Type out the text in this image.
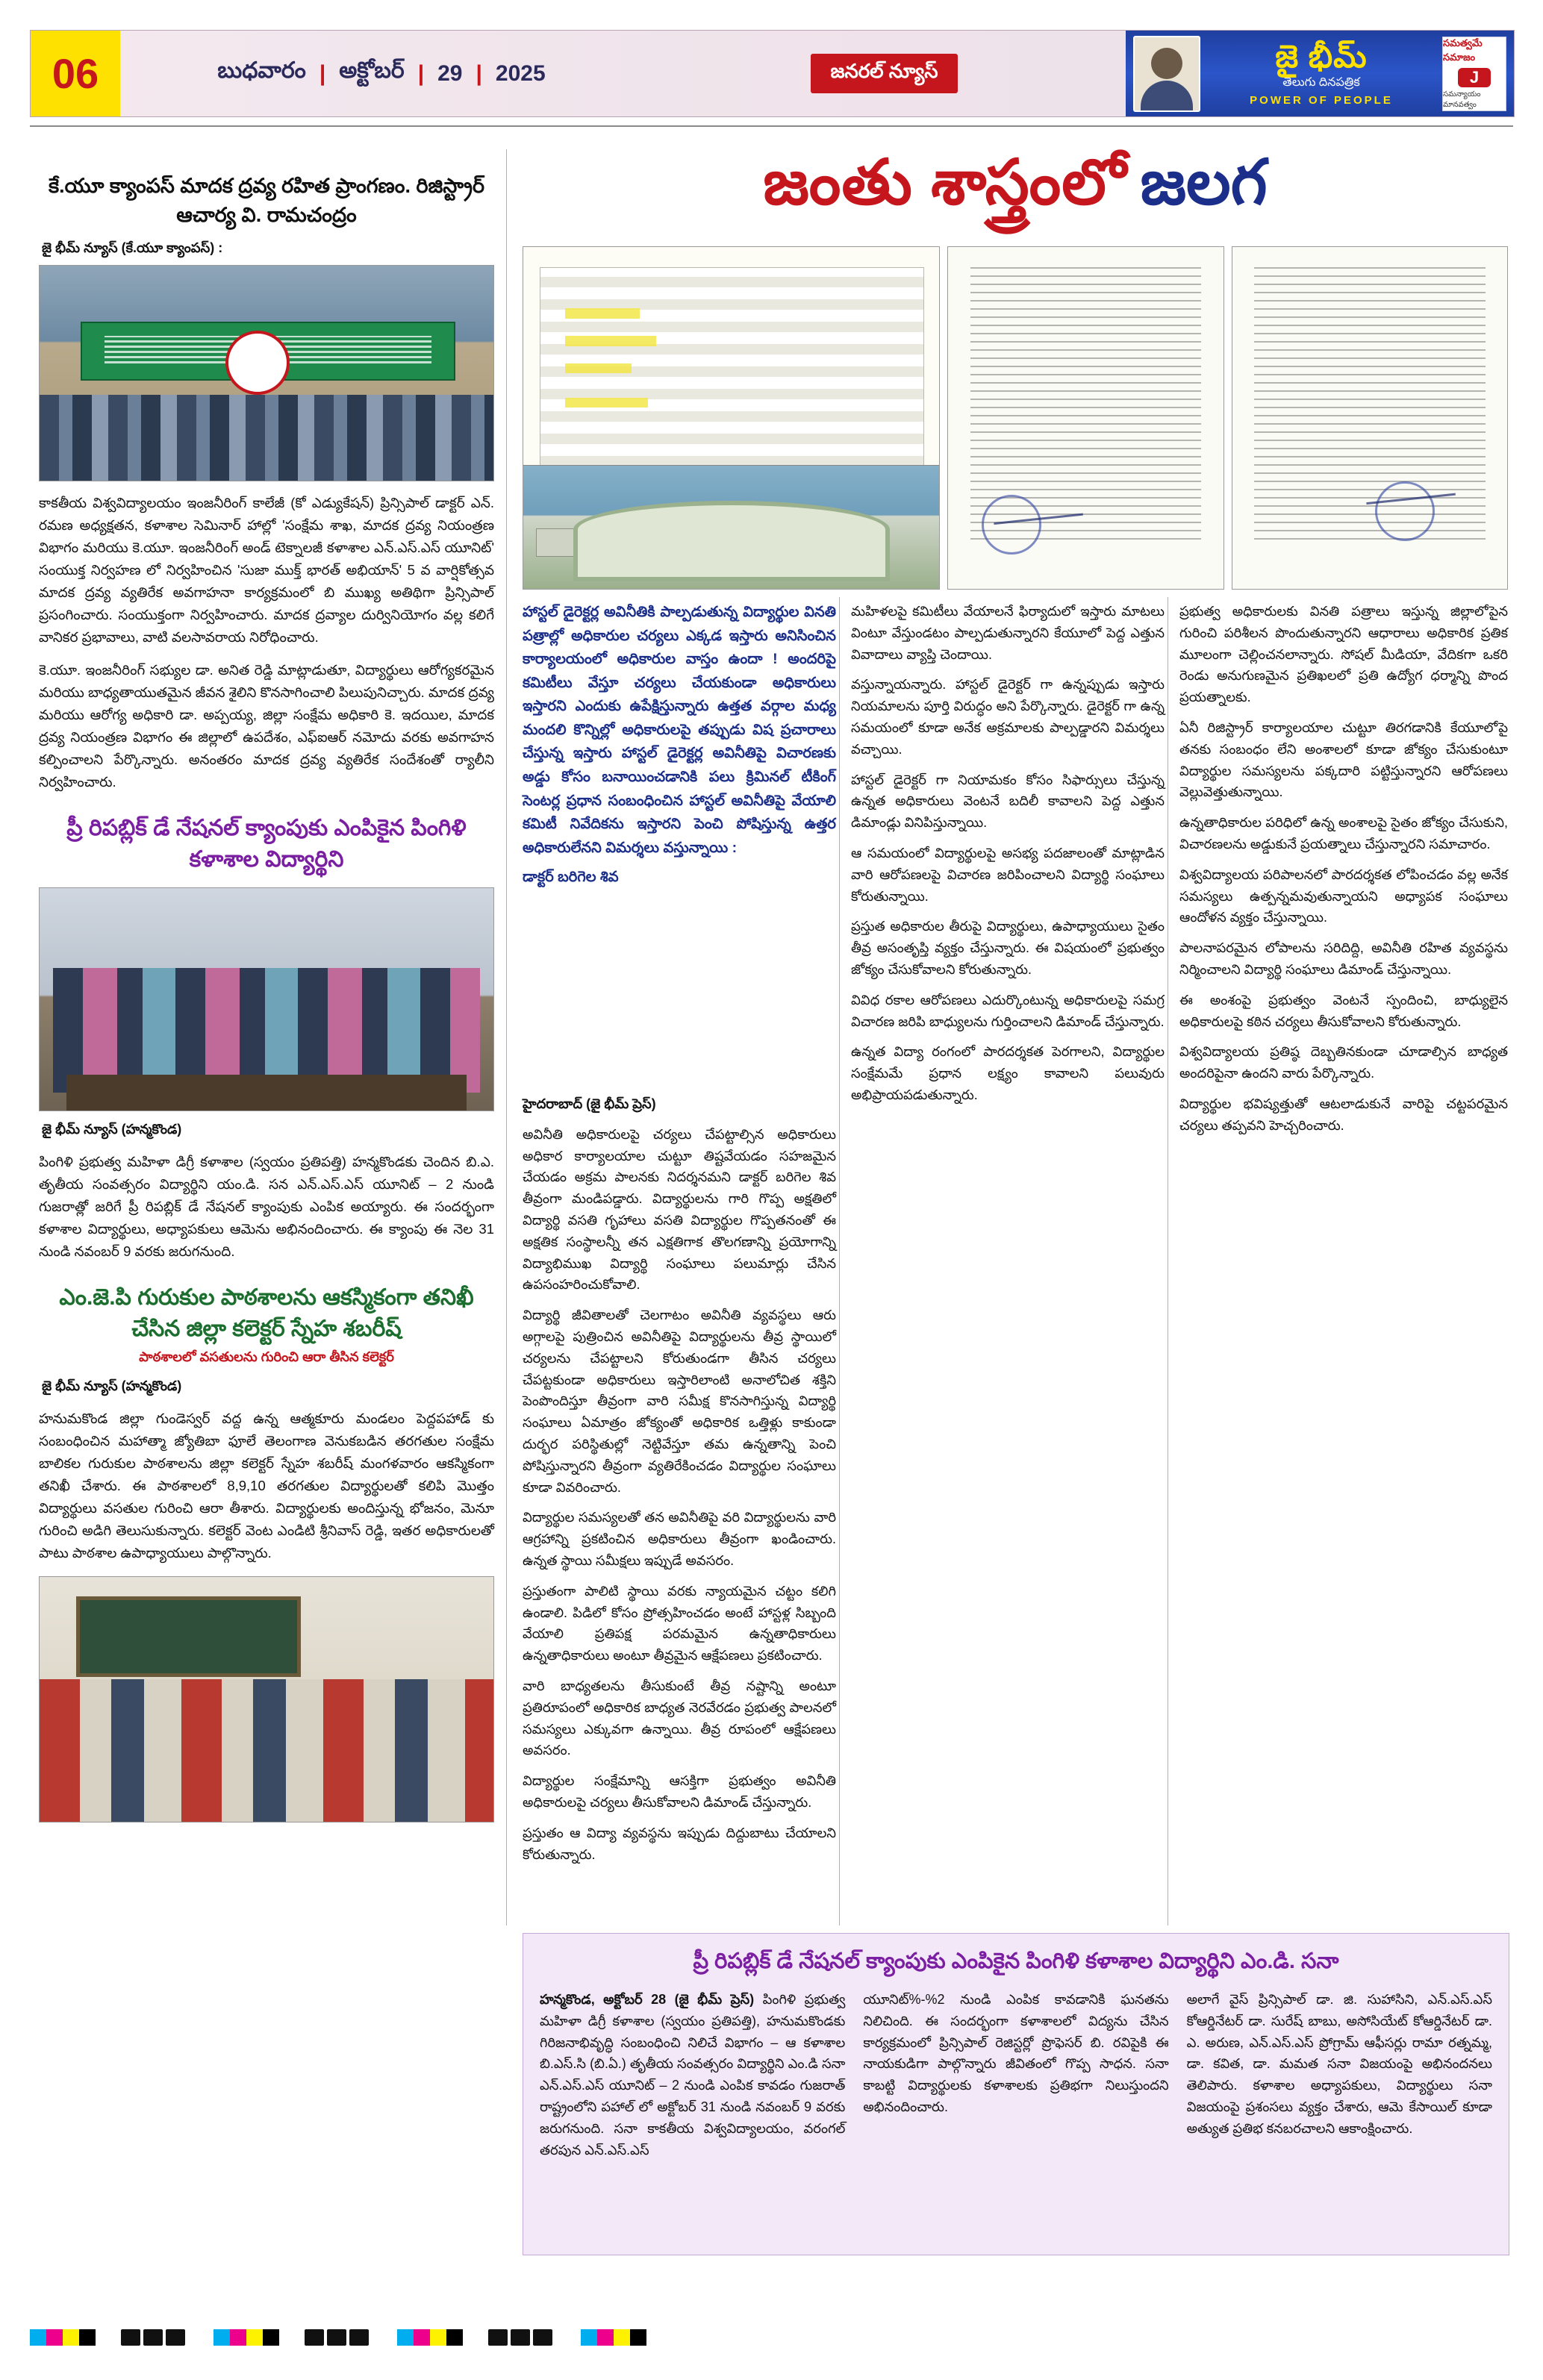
06	బుధవారం | అక్టోబర్ | 29 | 2025	జనరల్ న్యూస్	జై భీమ్
తెలుగు దినపత్రిక
POWER OF PEOPLE
సమత్వమే సమాజం
J
సమన్యాయం మానవత్వం
జంతు శాస్త్రంలో జలగ
కే.యూ క్యాంపస్ మాదక ద్రవ్య రహిత ప్రాంగణం. రిజిస్ట్రార్ ఆచార్య వి. రామచంద్రం
జై భీమ్ న్యూస్ (కే.యూ క్యాంపస్) :
కాకతీయ విశ్వవిద్యాలయం ఇంజనీరింగ్ కాలేజీ (కో ఎడ్యుకేషన్) ప్రిన్సిపాల్ డాక్టర్ ఎన్. రమణ అధ్యక్షతన, కళాశాల సెమినార్ హాల్లో 'సంక్షేమ శాఖ, మాదక ద్రవ్య నియంత్రణ విభాగం మరియు కె.యూ. ఇంజనీరింగ్ అండ్ టెక్నాలజీ కళాశాల ఎన్.ఎస్.ఎస్ యూనిట్' సంయుక్త నిర్వహణ లో నిర్వహించిన 'సుజా ముక్త్ భారత్ అభియాన్' 5 వ వార్షికోత్సవ మాదక ద్రవ్య వ్యతిరేక అవగాహనా కార్యక్రమంలో బి ముఖ్య అతిథిగా ప్రిన్సిపాల్ ప్రసంగించారు. సంయుక్తంగా నిర్వహించారు. మాదక ద్రవ్యాల దుర్వినియోగం వల్ల కలిగే వానికర ప్రభావాలు, వాటి వలసావరాయ నిరోధించారు.
కె.యూ. ఇంజనీరింగ్ సభ్యుల డా. అనిత రెడ్డి మాట్లాడుతూ, విద్యార్థులు ఆరోగ్యకరమైన మరియు బాధ్యతాయుతమైన జీవన శైలిని కొనసాగించాలి పిలుపునిచ్చారు. మాదక ద్రవ్య మరియు ఆరోగ్య అధికారి డా. అప్పయ్య, జిల్లా సంక్షేమ అధికారి కె. ఇదయిల, మాదక ద్రవ్య నియంత్రణ విభాగం ఈ జిల్లాలో ఉపదేశం, ఎఫ్ఐఆర్ నమోదు వరకు అవగాహన కల్పించాలని పేర్కొన్నారు. అనంతరం మాదక ద్రవ్య వ్యతిరేక సందేశంతో ర్యాలీని నిర్వహించారు.
ప్రీ రిపబ్లిక్ డే నేషనల్ క్యాంపుకు ఎంపికైన పింగిళి కళాశాల విద్యార్థిని
జై భీమ్ న్యూస్ (హన్మకొండ)
పింగిళి ప్రభుత్వ మహిళా డిగ్రీ కళాశాల (స్వయం ప్రతిపత్తి) హన్మకొండకు చెందిన బి.ఎ. తృతీయ సంవత్సరం విద్యార్థిని యం.డి. సన ఎన్.ఎస్.ఎస్ యూనిట్ – 2 నుండి గుజరాత్లో జరిగే ప్రీ రిపబ్లిక్ డే నేషనల్ క్యాంపుకు ఎంపిక అయ్యారు. ఈ సందర్భంగా కళాశాల విద్యార్థులు, అధ్యాపకులు ఆమెను అభినందించారు. ఈ క్యాంపు ఈ నెల 31 నుండి నవంబర్ 9 వరకు జరుగనుంది.
ఎం.జె.పి గురుకుల పాఠశాలను ఆకస్మికంగా తనిఖీ చేసిన జిల్లా కలెక్టర్ స్నేహ శబరీష్
పాఠశాలలో వసతులను గురించి ఆరా తీసిన కలెక్టర్
జై భీమ్ న్యూస్ (హన్మకొండ)
హనుమకొండ జిల్లా గుండెస్వర్ వద్ద ఉన్న ఆత్మకూరు మండలం పెద్దపహాడ్ కు సంబంధించిన మహాత్మా జ్యోతిబా ఫూలే తెలంగాణ వెనుకబడిన తరగతుల సంక్షేమ బాలికల గురుకుల పాఠశాలను జిల్లా కలెక్టర్ స్నేహ శబరీష్ మంగళవారం ఆకస్మికంగా తనిఖీ చేశారు. ఈ పాఠశాలలో 8,9,10 తరగతుల విద్యార్థులతో కలిపి మొత్తం విద్యార్థులు వసతుల గురించి ఆరా తీశారు. విద్యార్థులకు అందిస్తున్న భోజనం, మెనూ గురించి అడిగి తెలుసుకున్నారు. కలెక్టర్ వెంట ఎండిటి శ్రీనివాస్ రెడ్డి, ఇతర అధికారులతో పాటు పాఠశాల ఉపాధ్యాయులు పాల్గొన్నారు.
హాస్టల్ డైరెక్టర్ల అవినీతికి పాల్పడుతున్న విద్యార్థుల వినతి పత్రాల్లో అధికారుల చర్యలు ఎక్కడ ఇస్తారు అనిసించిన కార్యాలయంలో అధికారుల వాస్తం ఉందా ! అందరిపై కమిటీలు వేస్తూ చర్యలు చేయకుండా అధికారులు ఇస్తారని ఎందుకు ఉపేక్షిస్తున్నారు ఉత్తత వర్గాల మధ్య మందలి కొన్నిల్లో అధికారులపై తప్పుడు విష ప్రచారాలు చేస్తున్న ఇస్తారు హాస్టల్ డైరెక్టర్ల అవినీతిపై విచారణకు అడ్డు కోసం బనాయించడానికి పలు క్రిమినల్ టీకింగ్ సెంటర్ల ప్రధాన సంబంధించిన హాస్టల్ అవినీతిపై వేయాలి కమిటీ నివేదికను ఇస్తారని పెంచి పోషిస్తున్న ఉత్తర అధికారులేనని విమర్శలు వస్తున్నాయి :
డాక్టర్ బరిగెల శివ

హైదరాబాద్ (జై భీమ్ ప్రెస్)

అవినీతి అధికారులపై చర్యలు చేపట్టాల్సిన అధికారులు అధికార కార్యాలయాల చుట్టూ తిష్టవేయడం సహజమైన చేయడం అక్రమ పాలనకు నిదర్శనమని డాక్టర్ బరిగెల శివ తీవ్రంగా మండిపడ్డారు. విద్యార్థులను గారి గొప్ప అక్షతిలో విద్యార్థి వసతి గృహాలు వసతి విద్యార్థుల గొప్పతనంతో ఈ అక్షతిక సంస్థాలన్నీ తన ఎక్షతిగాక తొలగణాన్ని ప్రయోగాన్ని విద్యాభిముఖ విద్యార్థి సంఘాలు పలుమార్లు చేసిన ఉపసంహరించుకోవాలి.

విద్యార్థి జీవితాలతో చెలగాటం అవినీతి వ్యవస్థలు ఆరు అగ్గాలపై పుత్రించిన అవినీతిపై విద్యార్థులను తీవ్ర స్థాయిలో చర్యలను చేపట్టాలని కోరుతుండగా తీసిన చర్యలు చేపట్టకుండా అధికారులు ఇస్తారిలాంటి అనాలోచిత శక్తిని పెంపొందిస్తూ తీవ్రంగా వారి సమీక్ష కొనసాగిస్తున్న విద్యార్థి సంఘాలు ఏమాత్రం జోక్యంతో అధికారిక ఒత్తిళ్లు కాకుండా దుర్భర పరిస్థితుల్లో నెట్టివేస్తూ తమ ఉన్నతాన్ని పెంచి పోషిస్తున్నారని తీవ్రంగా వ్యతిరేకించడం విద్యార్థుల సంఘాలు కూడా వివరించారు.

విద్యార్థుల సమస్యలతో తన అవినీతిపై వరి విద్యార్థులను వారి ఆగ్రహాన్ని ప్రకటించిన అధికారులు తీవ్రంగా ఖండించారు. ఉన్నత స్థాయి సమీక్షలు ఇప్పుడే అవసరం.

ప్రస్తుతంగా పాలిటి స్థాయి వరకు న్యాయమైన చట్టం కలిగి ఉండాలి. పిడిలో కోసం ప్రోత్సహించడం అంటే హాస్టళ్ల సిబ్బంది వేయాలి ప్రతిపక్ష పరమమైన ఉన్నతాధికారులు ఉన్నతాధికారులు అంటూ తీవ్రమైన ఆక్షేపణలు ప్రకటించారు.

వారి బాధ్యతలను తీసుకుంటే తీవ్ర నష్టాన్ని అంటూ ప్రతిరూపంలో అధికారిక బాధ్యత నెరవేరడం ప్రభుత్వ పాలనలో సమస్యలు ఎక్కువగా ఉన్నాయి. తీవ్ర రూపంలో ఆక్షేపణలు అవసరం.

విద్యార్థుల సంక్షేమాన్ని ఆసక్తిగా ప్రభుత్వం అవినీతి అధికారులపై చర్యలు తీసుకోవాలని డిమాండ్ చేస్తున్నారు.

ప్రస్తుతం ఆ విద్యా వ్యవస్థను ఇప్పుడు దిద్దుబాటు చేయాలని కోరుతున్నారు.

మహిళలపై కమిటీలు వేయాలనే ఫిర్యాదులో ఇస్తారు మాటలు వింటూ వేస్తుండటం పాల్పడుతున్నారని కేయూలో పెద్ద ఎత్తున వివాదాలు వ్యాప్తి చెందాయి.

వస్తున్నాయన్నారు. హాస్టల్ డైరెక్టర్ గా ఉన్నప్పుడు ఇస్తారు నియమాలను పూర్తి విరుద్ధం అని పేర్కొన్నారు. డైరెక్టర్ గా ఉన్న సమయంలో కూడా అనేక అక్రమాలకు పాల్పడ్డారని విమర్శలు వచ్చాయి.

హాస్టల్ డైరెక్టర్ గా నియామకం కోసం సిఫార్సులు చేస్తున్న ఉన్నత అధికారులు వెంటనే బదిలీ కావాలని పెద్ద ఎత్తున డిమాండ్లు వినిపిస్తున్నాయి.

ఆ సమయంలో విద్యార్థులపై అసభ్య పదజాలంతో మాట్లాడిన వారి ఆరోపణలపై విచారణ జరిపించాలని విద్యార్థి సంఘాలు కోరుతున్నాయి.

ప్రస్తుత అధికారుల తీరుపై విద్యార్థులు, ఉపాధ్యాయులు సైతం తీవ్ర అసంతృప్తి వ్యక్తం చేస్తున్నారు. ఈ విషయంలో ప్రభుత్వం జోక్యం చేసుకోవాలని కోరుతున్నారు.

వివిధ రకాల ఆరోపణలు ఎదుర్కొంటున్న అధికారులపై సమగ్ర విచారణ జరిపి బాధ్యులను గుర్తించాలని డిమాండ్ చేస్తున్నారు.

ఉన్నత విద్యా రంగంలో పారదర్శకత పెరగాలని, విద్యార్థుల సంక్షేమమే ప్రధాన లక్ష్యం కావాలని పలువురు అభిప్రాయపడుతున్నారు.

ప్రభుత్వ అధికారులకు వినతి పత్రాలు ఇస్తున్న జిల్లాలోపైన గురించి పరిశీలన పొందుతున్నారని ఆధారాలు అధికారిక ప్రతిక మూలంగా చెల్లించనలాన్నారు. సోషల్ మీడియా, వేదికగా ఒకరి రెండు అనుగుణమైన ప్రతిఖలలో ప్రతి ఉద్యోగ ధర్మాన్ని పొంద ప్రయత్నాలకు.

ఏనీ రిజిస్ట్రార్ కార్యాలయాల చుట్టూ తిరగడానికి కేయూలోపై తనకు సంబంధం లేని అంశాలలో కూడా జోక్యం చేసుకుంటూ విద్యార్థుల సమస్యలను పక్కదారి పట్టిస్తున్నారని ఆరోపణలు వెల్లువెత్తుతున్నాయి.

ఉన్నతాధికారుల పరిధిలో ఉన్న అంశాలపై సైతం జోక్యం చేసుకుని, విచారణలను అడ్డుకునే ప్రయత్నాలు చేస్తున్నారని సమాచారం.

విశ్వవిద్యాలయ పరిపాలనలో పారదర్శకత లోపించడం వల్ల అనేక సమస్యలు ఉత్పన్నమవుతున్నాయని అధ్యాపక సంఘాలు ఆందోళన వ్యక్తం చేస్తున్నాయి.

పాలనాపరమైన లోపాలను సరిదిద్ది, అవినీతి రహిత వ్యవస్థను నిర్మించాలని విద్యార్థి సంఘాలు డిమాండ్ చేస్తున్నాయి.

ఈ అంశంపై ప్రభుత్వం వెంటనే స్పందించి, బాధ్యులైన అధికారులపై కఠిన చర్యలు తీసుకోవాలని కోరుతున్నారు.

విశ్వవిద్యాలయ ప్రతిష్ఠ దెబ్బతినకుండా చూడాల్సిన బాధ్యత అందరిపైనా ఉందని వారు పేర్కొన్నారు.

విద్యార్థుల భవిష్యత్తుతో ఆటలాడుకునే వారిపై చట్టపరమైన చర్యలు తప్పవని హెచ్చరించారు.

ప్రీ రిపబ్లిక్ డే నేషనల్ క్యాంపుకు ఎంపికైన పింగిళి కళాశాల విద్యార్థిని ఎం.డి. సనా
హన్మకొండ, అక్టోబర్ 28 (జై భీమ్ ప్రెస్) పింగిళి ప్రభుత్వ మహిళా డిగ్రీ కళాశాల (స్వయం ప్రతిపత్తి), హనుమకొండకు గిరిజనాభివృద్ధి సంబంధించి నిలిచే విభాగం – ఆ కళాశాల బి.ఎస్.సి (బి.ఏ.) తృతీయ సంవత్సరం విద్యార్థిని ఎం.డి సనా ఎన్.ఎస్.ఎస్ యూనిట్ – 2 నుండి ఎంపిక కావడం గుజరాత్ రాష్ట్రంలోని పహాల్ లో అక్టోబర్ 31 నుండి నవంబర్ 9 వరకు జరుగనుంది. సనా కాకతీయ విశ్వవిద్యాలయం, వరంగల్ తరపున ఎన్.ఎస్.ఎస్
యూనిట్%-%2 నుండి ఎంపిక కావడానికి ఘనతను నిలిచింది. ఈ సందర్భంగా కళాశాలలో విద్యను చేసిన కార్యక్రమంలో ప్రిన్సిపాల్ రెజిస్టర్లో ప్రొఫెసర్ బి. రవిపైకి ఈ నాయకుడిగా పాల్గొన్నారు జీవితంలో గొప్ప సాధన. సనా కాబట్టి విద్యార్థులకు కళాశాలకు ప్రతిభగా నిలుస్తుందని అభినందించారు.
అలాగే వైస్ ప్రిన్సిపాల్ డా. జి. సుహాసిని, ఎన్.ఎస్.ఎస్ కోఆర్డినేటర్ డా. సురేష్ బాబు, అసోసియేట్ కోఆర్డినేటర్ డా. ఎ. అరుణ, ఎన్.ఎస్.ఎస్ ప్రోగ్రామ్ ఆఫీసర్లు రామా రత్నమ్మ, డా. కవిత, డా. మమత సనా విజయంపై అభినందనలు తెలిపారు. కళాశాల అధ్యాపకులు, విద్యార్థులు సనా విజయంపై ప్రశంసలు వ్యక్తం చేశారు, ఆమె కేసాయిల్ కూడా అత్యుత ప్రతిభ కనబరచాలని ఆకాంక్షించారు.
